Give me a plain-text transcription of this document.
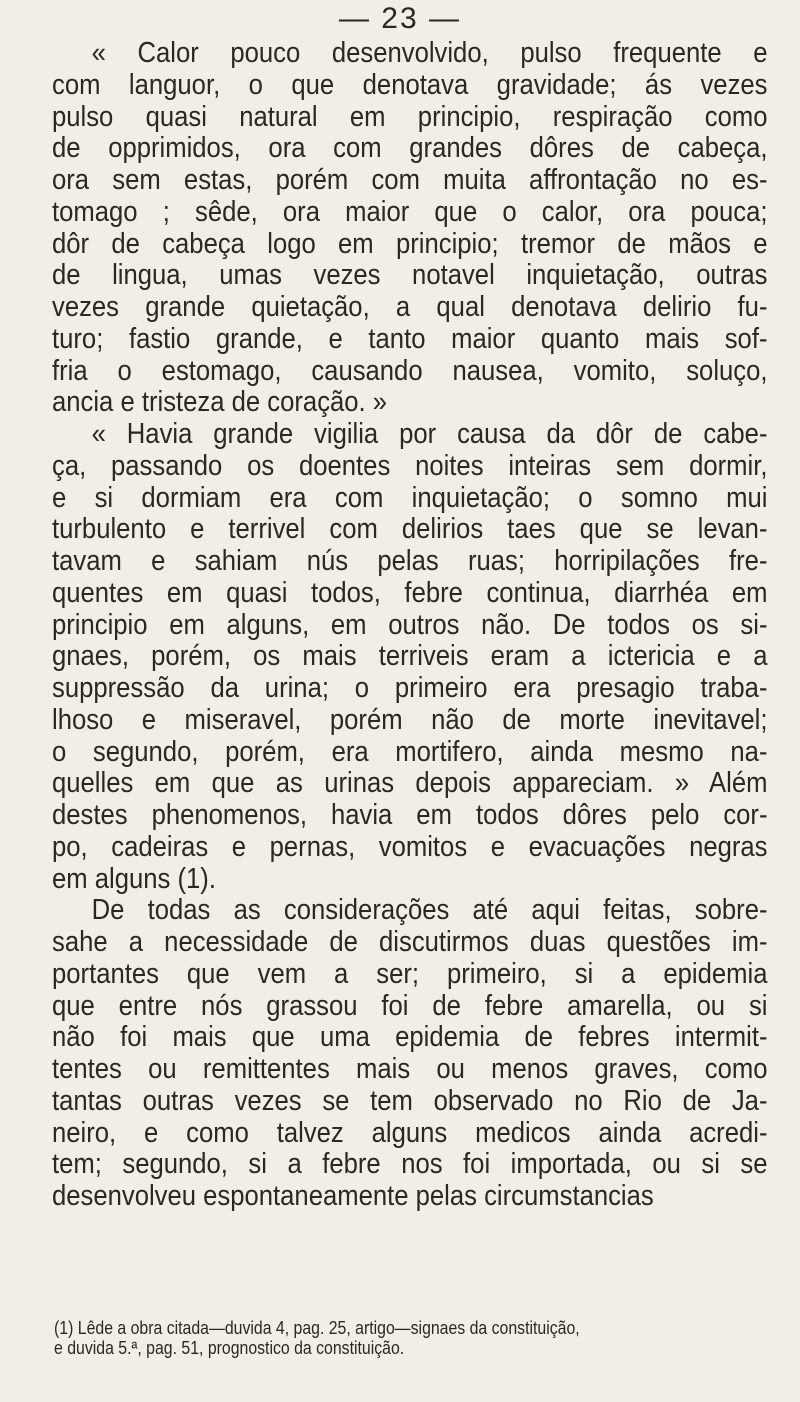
— 23 —
« Calor pouco desenvolvido, pulso frequente e
com languor, o que denotava gravidade; ás vezes
pulso quasi natural em principio, respiração como
de opprimidos, ora com grandes dôres de cabeça,
ora sem estas, porém com muita affrontação no es-
tomago ; sêde, ora maior que o calor, ora pouca;
dôr de cabeça logo em principio; tremor de mãos e
de lingua, umas vezes notavel inquietação, outras
vezes grande quietação, a qual denotava delirio fu-
turo; fastio grande, e tanto maior quanto mais sof-
fria o estomago, causando nausea, vomito, soluço,
ancia e tristeza de coração. »
« Havia grande vigilia por causa da dôr de cabe-
ça, passando os doentes noites inteiras sem dormir,
e si dormiam era com inquietação; o somno mui
turbulento e terrivel com delirios taes que se levan-
tavam e sahiam nús pelas ruas; horripilações fre-
quentes em quasi todos, febre continua, diarrhéa em
principio em alguns, em outros não. De todos os si-
gnaes, porém, os mais terriveis eram a ictericia e a
suppressão da urina; o primeiro era presagio traba-
lhoso e miseravel, porém não de morte inevitavel;
o segundo, porém, era mortifero, ainda mesmo na-
quelles em que as urinas depois appareciam. » Além
destes phenomenos, havia em todos dôres pelo cor-
po, cadeiras e pernas, vomitos e evacuações negras
em alguns (1).
De todas as considerações até aqui feitas, sobre-
sahe a necessidade de discutirmos duas questões im-
portantes que vem a ser; primeiro, si a epidemia
que entre nós grassou foi de febre amarella, ou si
não foi mais que uma epidemia de febres intermit-
tentes ou remittentes mais ou menos graves, como
tantas outras vezes se tem observado no Rio de Ja-
neiro, e como talvez alguns medicos ainda acredi-
tem; segundo, si a febre nos foi importada, ou si se
desenvolveu espontaneamente pelas circumstancias
(1) Lêde a obra citada—duvida 4, pag. 25, artigo—signaes da constituição,
e duvida 5.ª, pag. 51, prognostico da constituição.
